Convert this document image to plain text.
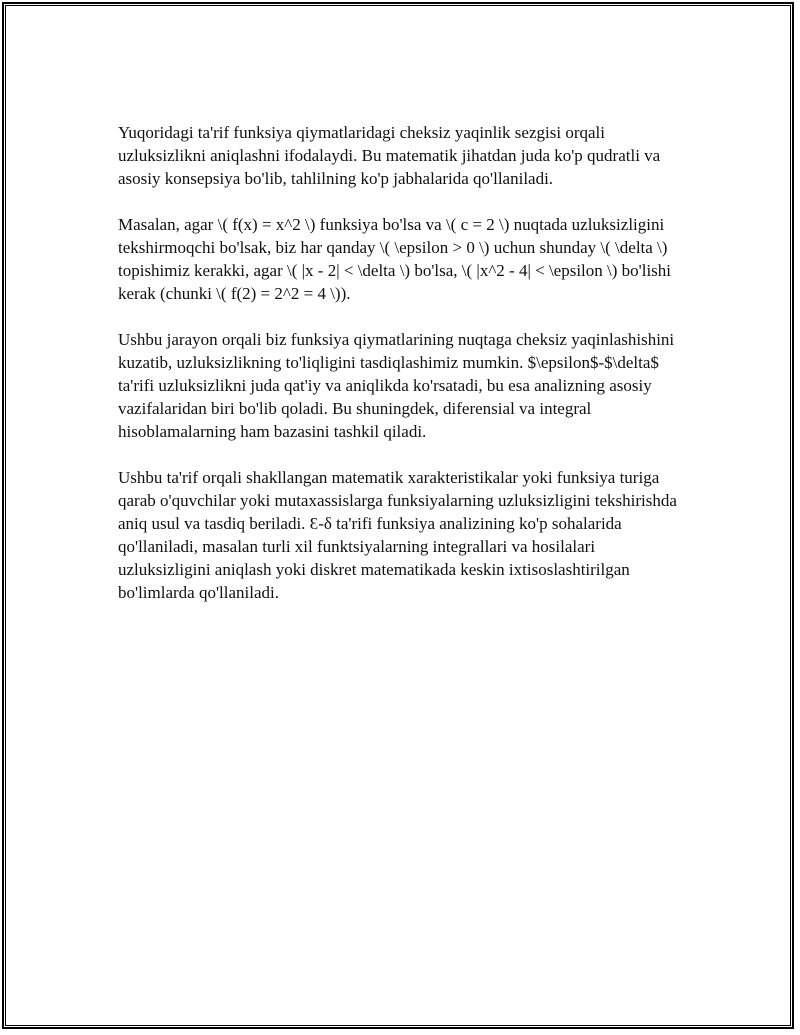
Yuqoridagi ta'rif funksiya qiymatlaridagi cheksiz yaqinlik sezgisi orqali uzluksizlikni aniqlashni ifodalaydi. Bu matematik jihatdan juda ko'p qudratli va asosiy konsepsiya bo'lib, tahlilning ko'p jabhalarida qo'llaniladi.

Masalan, agar \( f(x) = x^2 \) funksiya bo'lsa va \( c = 2 \) nuqtada uzluksizligini tekshirmoqchi bo'lsak, biz har qanday \( \epsilon > 0 \) uchun shunday \( \delta \) topishimiz kerakki, agar \( |x - 2| < \delta \) bo'lsa, \( |x^2 - 4| < \epsilon \) bo'lishi kerak (chunki \( f(2) = 2^2 = 4 \)).

Ushbu jarayon orqali biz funksiya qiymatlarining nuqtaga cheksiz yaqinlashishini kuzatib, uzluksizlikning to'liqligini tasdiqlashimiz mumkin. $\epsilon$-$\delta$ ta'rifi uzluksizlikni juda qat'iy va aniqlikda ko'rsatadi, bu esa analizning asosiy vazifalaridan biri bo'lib qoladi. Bu shuningdek, diferensial va integral hisoblamalarning ham bazasini tashkil qiladi.

Ushbu ta'rif orqali shakllangan matematik xarakteristikalar yoki funksiya turiga qarab o'quvchilar yoki mutaxassislarga funksiyalarning uzluksizligini tekshirishda aniq usul va tasdiq beriladi. Ɛ-δ ta'rifi funksiya analizining ko'p sohalarida qo'llaniladi, masalan turli xil funktsiyalarning integrallari va hosilalari uzluksizligini aniqlash yoki diskret matematikada keskin ixtisoslashtirilgan bo'limlarda qo'llaniladi.
